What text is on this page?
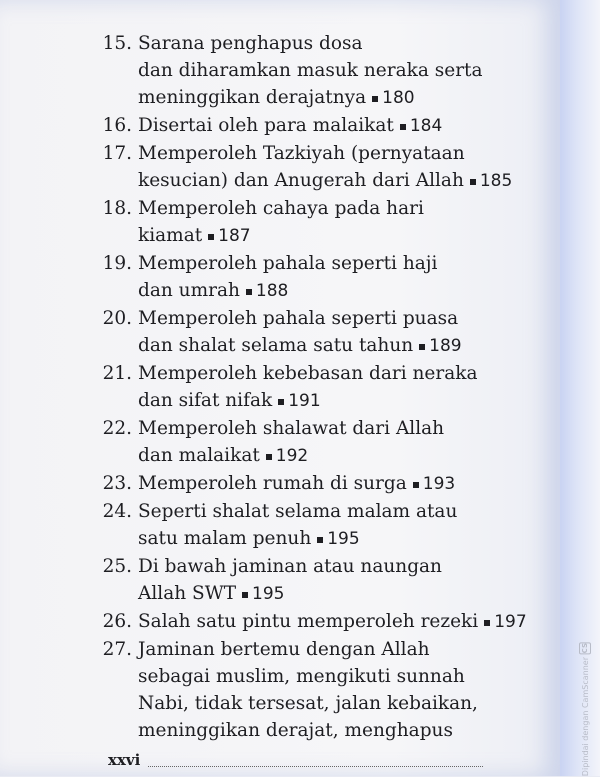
15. Sarana penghapus dosa
dan diharamkan masuk neraka serta
meninggikan derajatnya 180
16. Disertai oleh para malaikat 184
17. Memperoleh Tazkiyah (pernyataan
kesucian) dan Anugerah dari Allah 185
18. Memperoleh cahaya pada hari
kiamat 187
19. Memperoleh pahala seperti haji
dan umrah 188
20. Memperoleh pahala seperti puasa
dan shalat selama satu tahun 189
21. Memperoleh kebebasan dari neraka
dan sifat nifak 191
22. Memperoleh shalawat dari Allah
dan malaikat 192
23. Memperoleh rumah di surga 193
24. Seperti shalat selama malam atau
satu malam penuh 195
25. Di bawah jaminan atau naungan
Allah SWT 195
26. Salah satu pintu memperoleh rezeki 197
27. Jaminan bertemu dengan Allah
sebagai muslim, mengikuti sunnah
Nabi, tidak tersesat, jalan kebaikan,
meninggikan derajat, menghapus
xxvi
CS
Dipindai dengan CamScanner
